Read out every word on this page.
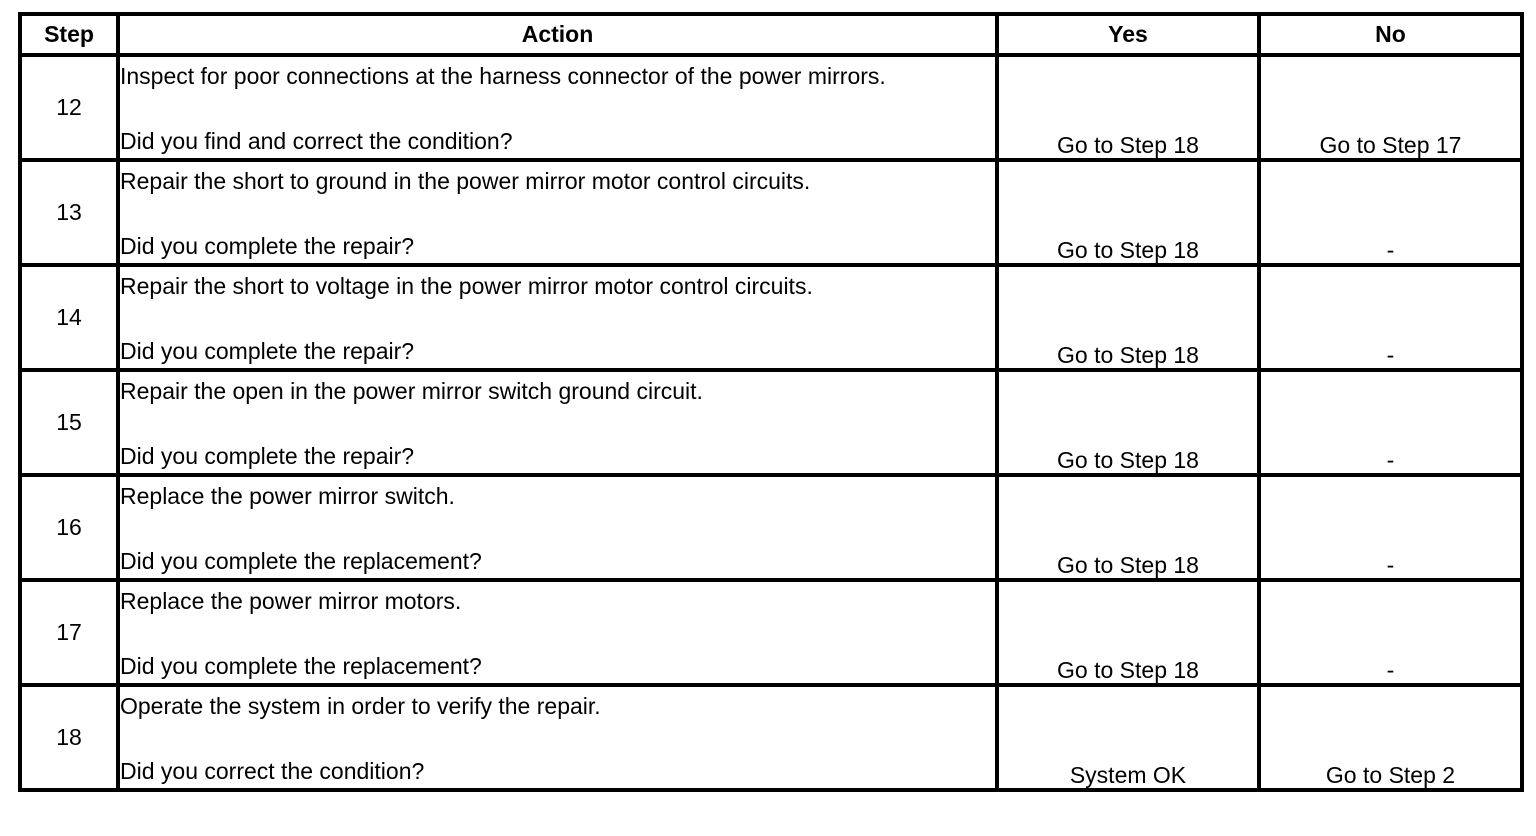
Step	Action	Yes	No
12	Inspect for poor connections at the harness connector of the power mirrors.
Did you find and correct the condition?	Go to Step 18	Go to Step 17
13	Repair the short to ground in the power mirror motor control circuits.
Did you complete the repair?	Go to Step 18	-
14	Repair the short to voltage in the power mirror motor control circuits.
Did you complete the repair?	Go to Step 18	-
15	Repair the open in the power mirror switch ground circuit.
Did you complete the repair?	Go to Step 18	-
16	Replace the power mirror switch.
Did you complete the replacement?	Go to Step 18	-
17	Replace the power mirror motors.
Did you complete the replacement?	Go to Step 18	-
18	Operate the system in order to verify the repair.
Did you correct the condition?	System OK	Go to Step 2
